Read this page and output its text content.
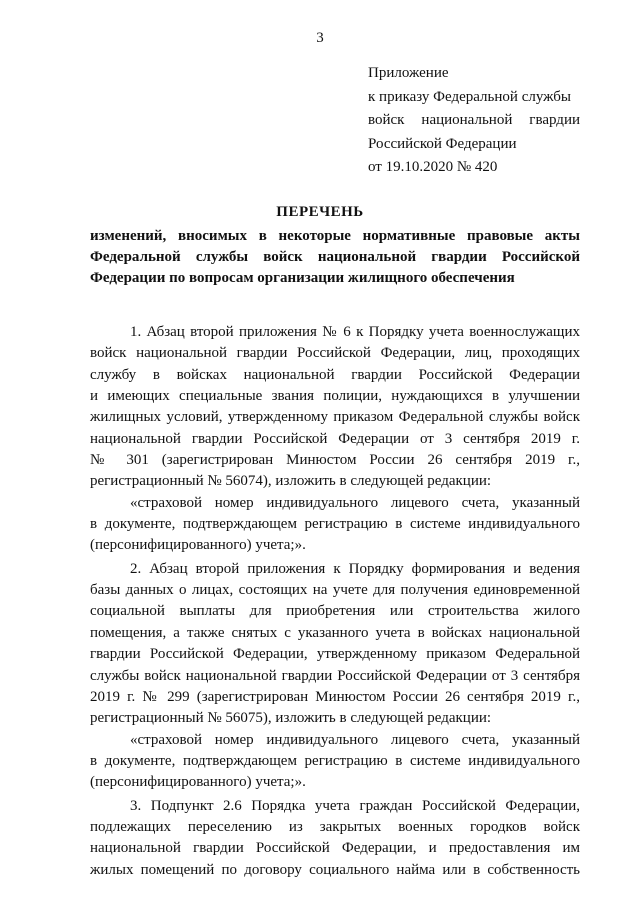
3
Приложение
к приказу Федеральной службы
войск национальной гвардии
Российской Федерации
от 19.10.2020 № 420
ПЕРЕЧЕНЬ
изменений, вносимых в некоторые нормативные правовые акты
Федеральной службы войск национальной гвардии Российской
Федерации по вопросам организации жилищного обеспечения
1. Абзац второй приложения № 6 к Порядку учета военнослужащих
войск национальной гвардии Российской Федерации, лиц, проходящих
службу в войсках национальной гвардии Российской Федерации
и имеющих специальные звания полиции, нуждающихся в улучшении
жилищных условий, утвержденному приказом Федеральной службы войск
национальной гвардии Российской Федерации от 3 сентября 2019 г.
№ 301 (зарегистрирован Минюстом России 26 сентября 2019 г.,
регистрационный № 56074), изложить в следующей редакции:
«страховой номер индивидуального лицевого счета, указанный
в документе, подтверждающем регистрацию в системе индивидуального
(персонифицированного) учета;».
2. Абзац второй приложения к Порядку формирования и ведения
базы данных о лицах, состоящих на учете для получения единовременной
социальной выплаты для приобретения или строительства жилого
помещения, а также снятых с указанного учета в войсках национальной
гвардии Российской Федерации, утвержденному приказом Федеральной
службы войск национальной гвардии Российской Федерации от 3 сентября
2019 г. № 299 (зарегистрирован Минюстом России 26 сентября 2019 г.,
регистрационный № 56075), изложить в следующей редакции:
«страховой номер индивидуального лицевого счета, указанный
в документе, подтверждающем регистрацию в системе индивидуального
(персонифицированного) учета;».
3. Подпункт 2.6 Порядка учета граждан Российской Федерации,
подлежащих переселению из закрытых военных городков войск
национальной гвардии Российской Федерации, и предоставления им
жилых помещений по договору социального найма или в собственность
